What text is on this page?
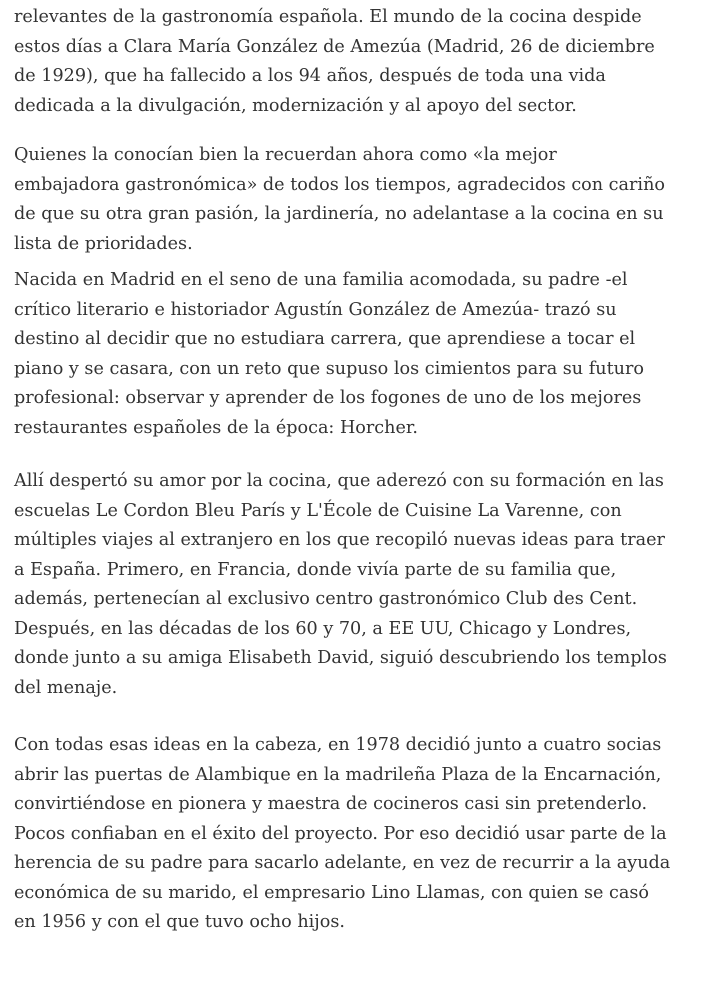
relevantes de la gastronomía española. El mundo de la cocina despide
estos días a Clara María González de Amezúa (Madrid, 26 de diciembre
de 1929), que ha fallecido a los 94 años, después de toda una vida
dedicada a la divulgación, modernización y al apoyo del sector.
Quienes la conocían bien la recuerdan ahora como «la mejor
embajadora gastronómica» de todos los tiempos, agradecidos con cariño
de que su otra gran pasión, la jardinería, no adelantase a la cocina en su
lista de prioridades.
Nacida en Madrid en el seno de una familia acomodada, su padre -el
crítico literario e historiador Agustín González de Amezúa- trazó su
destino al decidir que no estudiara carrera, que aprendiese a tocar el
piano y se casara, con un reto que supuso los cimientos para su futuro
profesional: observar y aprender de los fogones de uno de los mejores
restaurantes españoles de la época: Horcher.
Allí despertó su amor por la cocina, que aderezó con su formación en las
escuelas Le Cordon Bleu París y L'École de Cuisine La Varenne, con
múltiples viajes al extranjero en los que recopiló nuevas ideas para traer
a España. Primero, en Francia, donde vivía parte de su familia que,
además, pertenecían al exclusivo centro gastronómico Club des Cent.
Después, en las décadas de los 60 y 70, a EE UU, Chicago y Londres,
donde junto a su amiga Elisabeth David, siguió descubriendo los templos
del menaje.
Con todas esas ideas en la cabeza, en 1978 decidió junto a cuatro socias
abrir las puertas de Alambique en la madrileña Plaza de la Encarnación,
convirtiéndose en pionera y maestra de cocineros casi sin pretenderlo.
Pocos confiaban en el éxito del proyecto. Por eso decidió usar parte de la
herencia de su padre para sacarlo adelante, en vez de recurrir a la ayuda
económica de su marido, el empresario Lino Llamas, con quien se casó
en 1956 y con el que tuvo ocho hijos.
